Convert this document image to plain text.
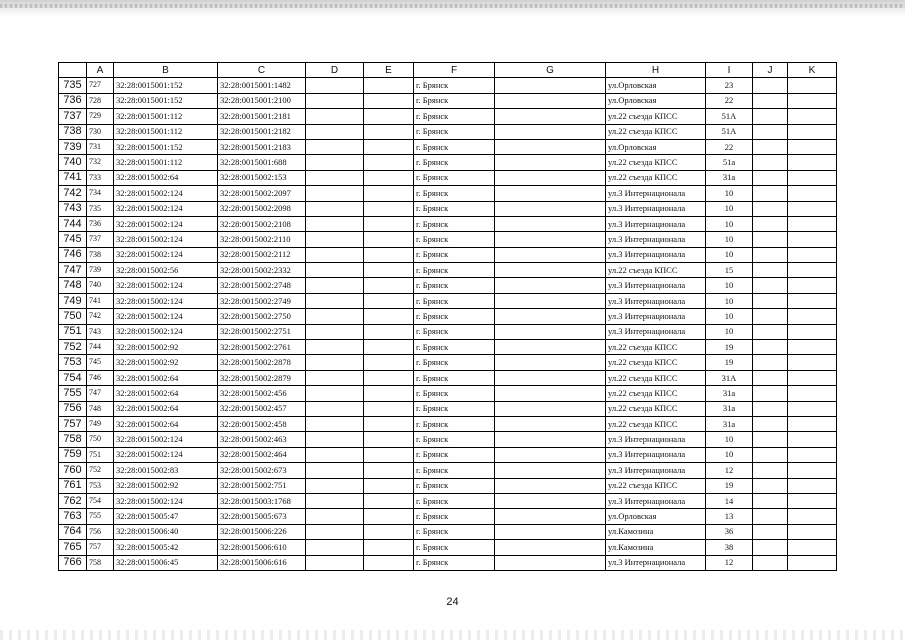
	A	B	C	D	E	F	G	H	I	J	K	
735	727	32:28:0015001:152	32:28:0015001:1482			г. Брянск		ул.Орловская	23			
736	728	32:28:0015001:152	32:28:0015001:2100			г. Брянск		ул.Орловская	22			
737	729	32:28:0015001:112	32:28:0015001:2181			г. Брянск		ул.22 съезда КПСС	51А			
738	730	32:28:0015001:112	32:28:0015001:2182			г. Брянск		ул.22 съезда КПСС	51А			
739	731	32:28:0015001:152	32:28:0015001:2183			г. Брянск		ул.Орловская	22			
740	732	32:28:0015001:112	32:28:0015001:688			г. Брянск		ул.22 съезда КПСС	51а			
741	733	32:28:0015002:64	32:28:0015002:153			г. Брянск		ул.22 съезда КПСС	31а			
742	734	32:28:0015002:124	32:28:0015002:2097			г. Брянск		ул.3 Интернационала	10			
743	735	32:28:0015002:124	32:28:0015002:2098			г. Брянск		ул.3 Интернационала	10			
744	736	32:28:0015002:124	32:28:0015002:2108			г. Брянск		ул.3 Интернационала	10			
745	737	32:28:0015002:124	32:28:0015002:2110			г. Брянск		ул.3 Интернационала	10			
746	738	32:28:0015002:124	32:28:0015002:2112			г. Брянск		ул.3 Интернационала	10			
747	739	32:28:0015002:56	32:28:0015002:2332			г. Брянск		ул.22 съезда КПСС	15			
748	740	32:28:0015002:124	32:28:0015002:2748			г. Брянск		ул.3 Интернационала	10			
749	741	32:28:0015002:124	32:28:0015002:2749			г. Брянск		ул.3 Интернационала	10			
750	742	32:28:0015002:124	32:28:0015002:2750			г. Брянск		ул.3 Интернационала	10			
751	743	32:28:0015002:124	32:28:0015002:2751			г. Брянск		ул.3 Интернационала	10			
752	744	32:28:0015002:92	32:28:0015002:2761			г. Брянск		ул.22 съезда КПСС	19			
753	745	32:28:0015002:92	32:28:0015002:2878			г. Брянск		ул.22 съезда КПСС	19			
754	746	32:28:0015002:64	32:28:0015002:2879			г. Брянск		ул.22 съезда КПСС	31А			
755	747	32:28:0015002:64	32:28:0015002:456			г. Брянск		ул.22 съезда КПСС	31а			
756	748	32:28:0015002:64	32:28:0015002:457			г. Брянск		ул.22 съезда КПСС	31а			
757	749	32:28:0015002:64	32:28:0015002:458			г. Брянск		ул.22 съезда КПСС	31а			
758	750	32:28:0015002:124	32:28:0015002:463			г. Брянск		ул.3 Интернационала	10			
759	751	32:28:0015002:124	32:28:0015002:464			г. Брянск		ул.3 Интернационала	10			
760	752	32:28:0015002:83	32:28:0015002:673			г. Брянск		ул.3 Интернационала	12			
761	753	32:28:0015002:92	32:28:0015002:751			г. Брянск		ул.22 съезда КПСС	19			
762	754	32:28:0015002:124	32:28:0015003:1768			г. Брянск		ул.3 Интернационала	14			
763	755	32:28:0015005:47	32:28:0015005:673			г. Брянск		ул.Орловская	13			
764	756	32:28:0015006:40	32:28:0015006:226			г. Брянск		ул.Камозина	36			
765	757	32:28:0015005:42	32:28:0015006:610			г. Брянск		ул.Камозина	38			
766	758	32:28:0015006:45	32:28:0015006:616			г. Брянск		ул.3 Интернационала	12			
24
